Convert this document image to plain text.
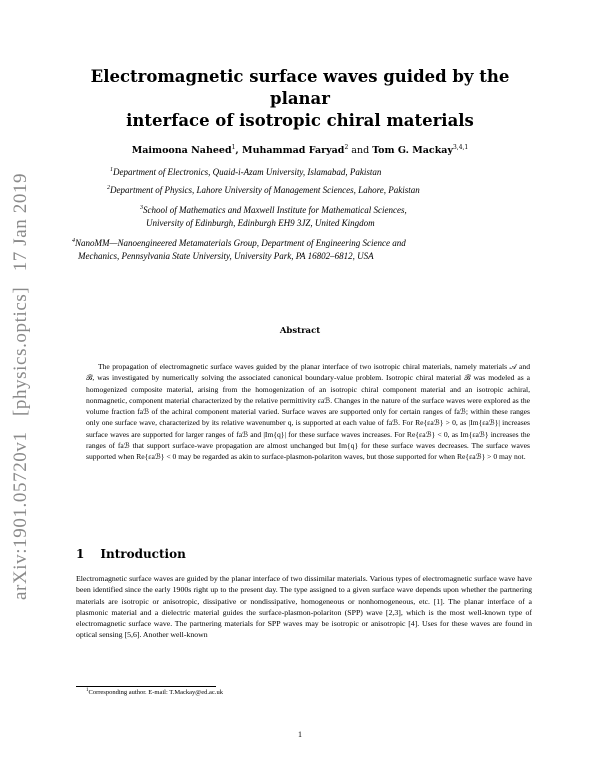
arXiv:1901.05720v1 [physics.optics] 17 Jan 2019
Electromagnetic surface waves guided by the planar
interface of isotropic chiral materials
Maimoona Naheed$^1$, Muhammad Faryad$^2$ and Tom G. Mackay$^{3,4,1}$
$^1$Department of Electronics, Quaid-i-Azam University, Islamabad, Pakistan
$^2$Department of Physics, Lahore University of Management Sciences, Lahore, Pakistan
$^3$School of Mathematics and Maxwell Institute for Mathematical Sciences,
University of Edinburgh, Edinburgh EH9 3JZ, United Kingdom
$^4$NanoMM—Nanoengineered Metamaterials Group, Department of Engineering Science and
Mechanics, Pennsylvania State University, University Park, PA 16802–6812, USA
Abstract

The propagation of electromagnetic surface waves guided by the planar interface of two isotropic chiral materials, namely materials 𝒜 and ℬ, was investigated by numerically solving the associated canonical boundary-value problem. Isotropic chiral material ℬ was modeled as a homogenized composite material, arising from the homogenization of an isotropic chiral component material and an isotropic achiral, nonmagnetic, component material characterized by the relative permittivity εaℬ. Changes in the nature of the surface waves were explored as the volume fraction faℬ of the achiral component material varied. Surface waves are supported only for certain ranges of faℬ; within these ranges only one surface wave, characterized by its relative wavenumber q, is supported at each value of faℬ. For Re{εaℬ} > 0, as |Im{εaℬ}| increases surface waves are supported for larger ranges of faℬ and |Im{q}| for these surface waves increases. For Re{εaℬ} < 0, as Im{εaℬ} increases the ranges of faℬ that support surface-wave propagation are almost unchanged but Im{q} for these surface waves decreases. The surface waves supported when Re{εaℬ} < 0 may be regarded as akin to surface-plasmon-polariton waves, but those supported for when Re{εaℬ} > 0 may not.

1 Introduction

Electromagnetic surface waves are guided by the planar interface of two dissimilar materials. Various types of electromagnetic surface wave have been identified since the early 1900s right up to the present day. The type assigned to a given surface wave depends upon whether the partnering materials are isotropic or anisotropic, dissipative or nondissipative, homogeneous or nonhomogeneous, etc. [1]. The planar interface of a plasmonic material and a dielectric material guides the surface-plasmon-polariton (SPP) wave [2,3], which is the most well-known type of electromagnetic surface wave. The partnering materials for SPP waves may be isotropic or anisotropic [4]. Uses for these waves are found in optical sensing [5,6]. Another well-known

$^1$Corresponding author. E-mail: T.Mackay@ed.ac.uk
1
